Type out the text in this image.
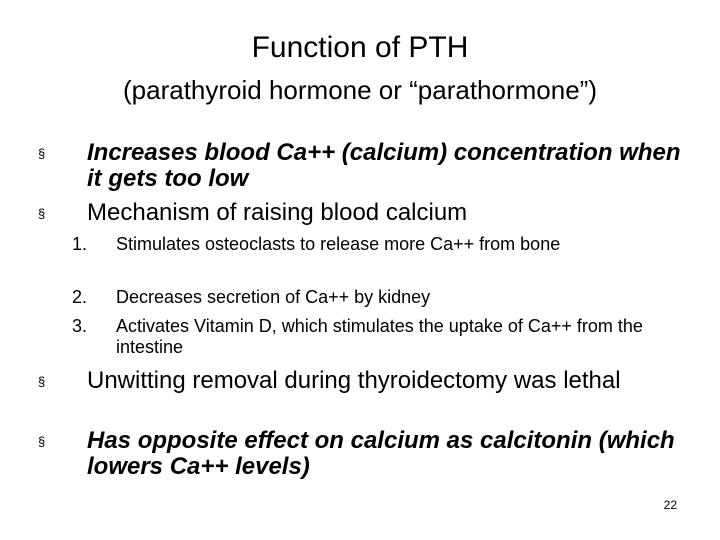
Function of PTH
(parathyroid hormone or “parathormone”)
§ Increases blood Ca++ (calcium) concentration when it gets too low
§ Mechanism of raising blood calcium
1.	Stimulates osteoclasts to release more Ca++ from bone
2.	Decreases secretion of Ca++ by kidney
3.	Activates Vitamin D, which stimulates the uptake of Ca++ from the intestine
§ Unwitting removal during thyroidectomy was lethal
§ Has opposite effect on calcium as calcitonin (which lowers Ca++ levels)
22
